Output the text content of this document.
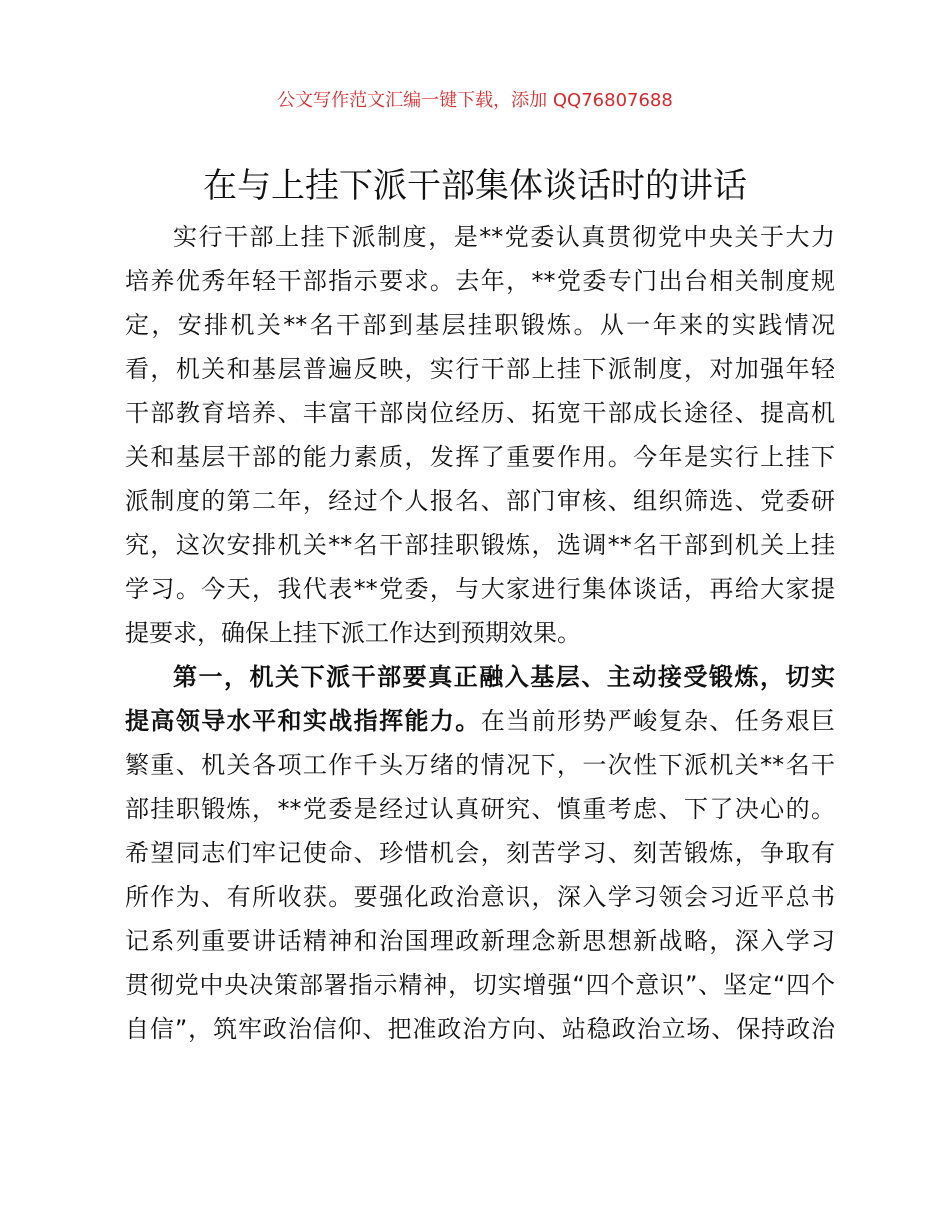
公文写作范文汇编一键下载，添加 QQ76807688
在与上挂下派干部集体谈话时的讲话
实行干部上挂下派制度，是**党委认真贯彻党中央关于大力
培养优秀年轻干部指示要求。去年，**党委专门出台相关制度规
定，安排机关**名干部到基层挂职锻炼。从一年来的实践情况
看，机关和基层普遍反映，实行干部上挂下派制度，对加强年轻
干部教育培养、丰富干部岗位经历、拓宽干部成长途径、提高机
关和基层干部的能力素质，发挥了重要作用。今年是实行上挂下
派制度的第二年，经过个人报名、部门审核、组织筛选、党委研
究，这次安排机关**名干部挂职锻炼，选调**名干部到机关上挂
学习。今天，我代表**党委，与大家进行集体谈话，再给大家提
提要求，确保上挂下派工作达到预期效果。
第一，机关下派干部要真正融入基层、主动接受锻炼，切实
提高领导水平和实战指挥能力。在当前形势严峻复杂、任务艰巨
繁重、机关各项工作千头万绪的情况下，一次性下派机关**名干
部挂职锻炼，**党委是经过认真研究、慎重考虑、下了决心的。
希望同志们牢记使命、珍惜机会，刻苦学习、刻苦锻炼，争取有
所作为、有所收获。要强化政治意识，深入学习领会习近平总书
记系列重要讲话精神和治国理政新理念新思想新战略，深入学习
贯彻党中央决策部署指示精神，切实增强“四个意识”、坚定“四个
自信”，筑牢政治信仰、把准政治方向、站稳政治立场、保持政治
